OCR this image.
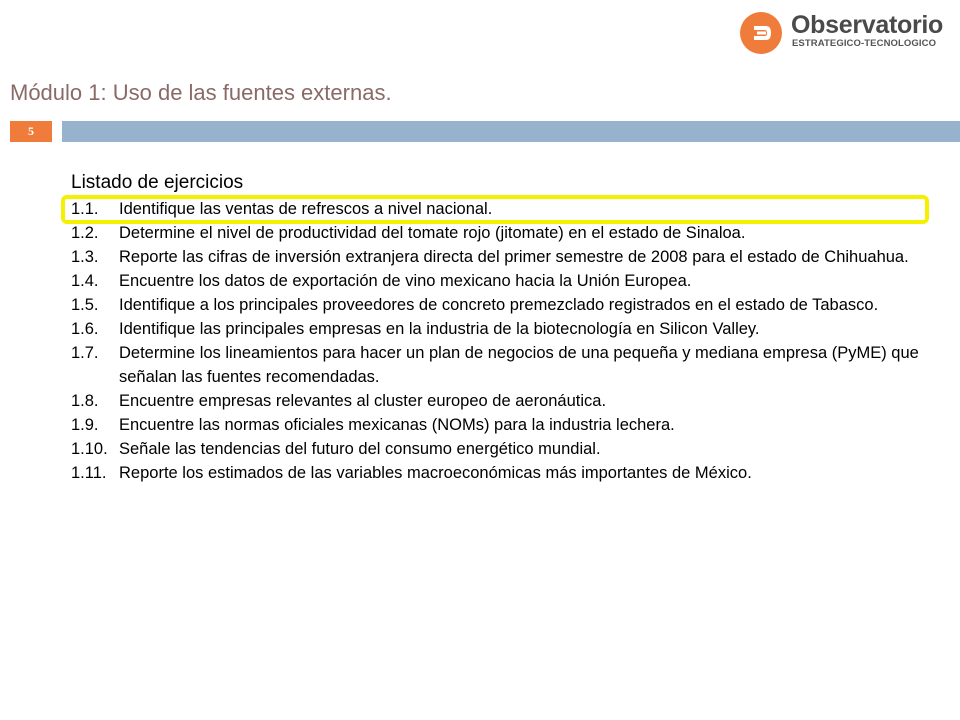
Observatorio
ESTRATEGICO-TECNOLOGICO
Módulo 1: Uso de las fuentes externas.
5
Listado de ejercicios
1.1.	Identifique las ventas de refrescos a nivel nacional.
1.2.	Determine el nivel de productividad del tomate rojo (jitomate) en el estado de Sinaloa.
1.3.	Reporte las cifras de inversión extranjera directa del primer semestre de 2008 para el estado de Chihuahua.
1.4.	Encuentre los datos de exportación de vino mexicano hacia la Unión Europea.
1.5.	Identifique a los principales proveedores de concreto premezclado registrados en el estado de Tabasco.
1.6.	Identifique las principales empresas en la industria de la biotecnología en Silicon Valley.
1.7.	Determine los lineamientos para hacer un plan de negocios de una pequeña y mediana empresa (PyME) que señalan las fuentes recomendadas.
1.8.	Encuentre empresas relevantes al cluster europeo de aeronáutica.
1.9.	Encuentre las normas oficiales mexicanas (NOMs) para la industria lechera.
1.10. Señale las tendencias del futuro del consumo energético mundial.
1.11. Reporte los estimados de las variables macroeconómicas más importantes de México.
